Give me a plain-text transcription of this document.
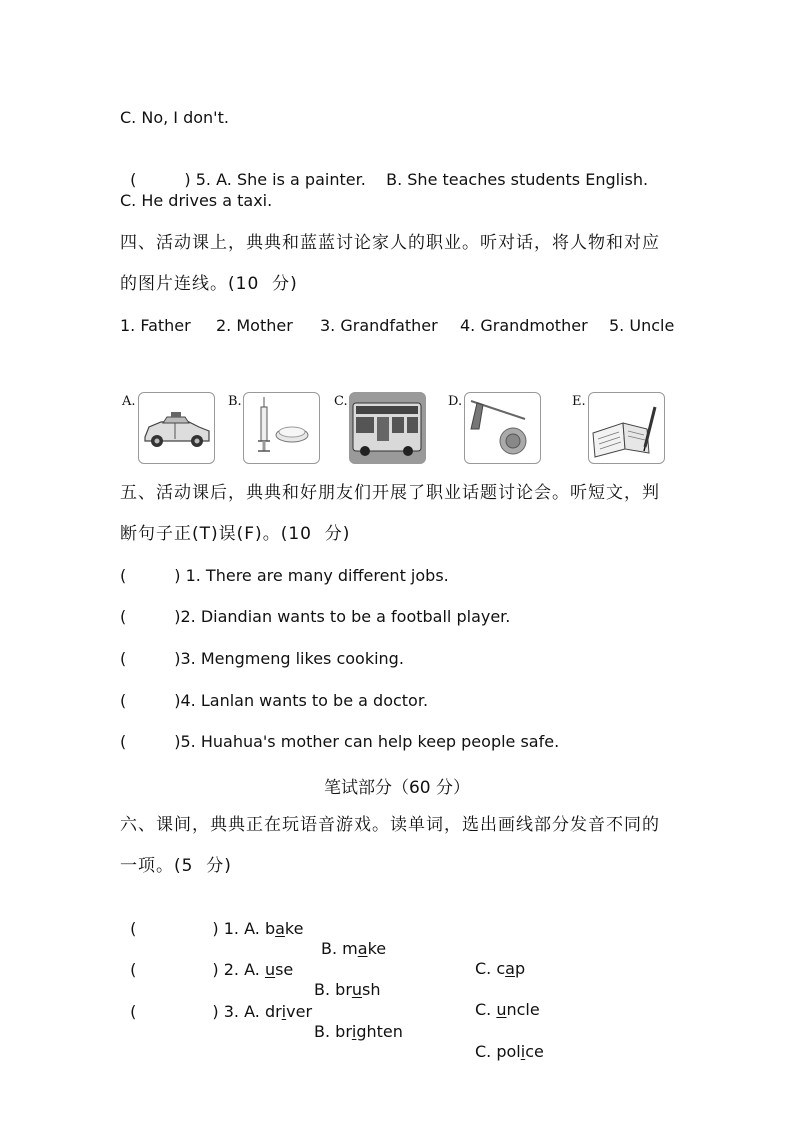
C. No, I don't.

(	) 5. A. She is a painter.    B. She teaches students English.

C. He drives a taxi.
四、活动课上，典典和蓝蓝讨论家人的职业。听对话，将人物和对应
的图片连线。(10  分)

1. Father

2. Mother

3. Grandfather

4. Grandmother

5. Uncle

A.	B.	C.	D.	E.
五、活动课后，典典和好朋友们开展了职业话题讨论会。听短文，判
断句子正(T)误(F)。(10  分)
(	) 1. There are many different jobs.
(	)2. Diandian wants to be a football player.
(	)3. Mengmeng likes cooking.
(	)4. Lanlan wants to be a doctor.
(	)5. Huahua's mother can help keep people safe.
笔试部分（60 分）
六、课间，典典正在玩语音游戏。读单词，选出画线部分发音不同的
一项。(5  分)

(	) 1. A. bake

B. make

C. cap

(	) 2. A. use

B. brush

C. uncle

(	) 3. A. driver

B. brighten

C. police
